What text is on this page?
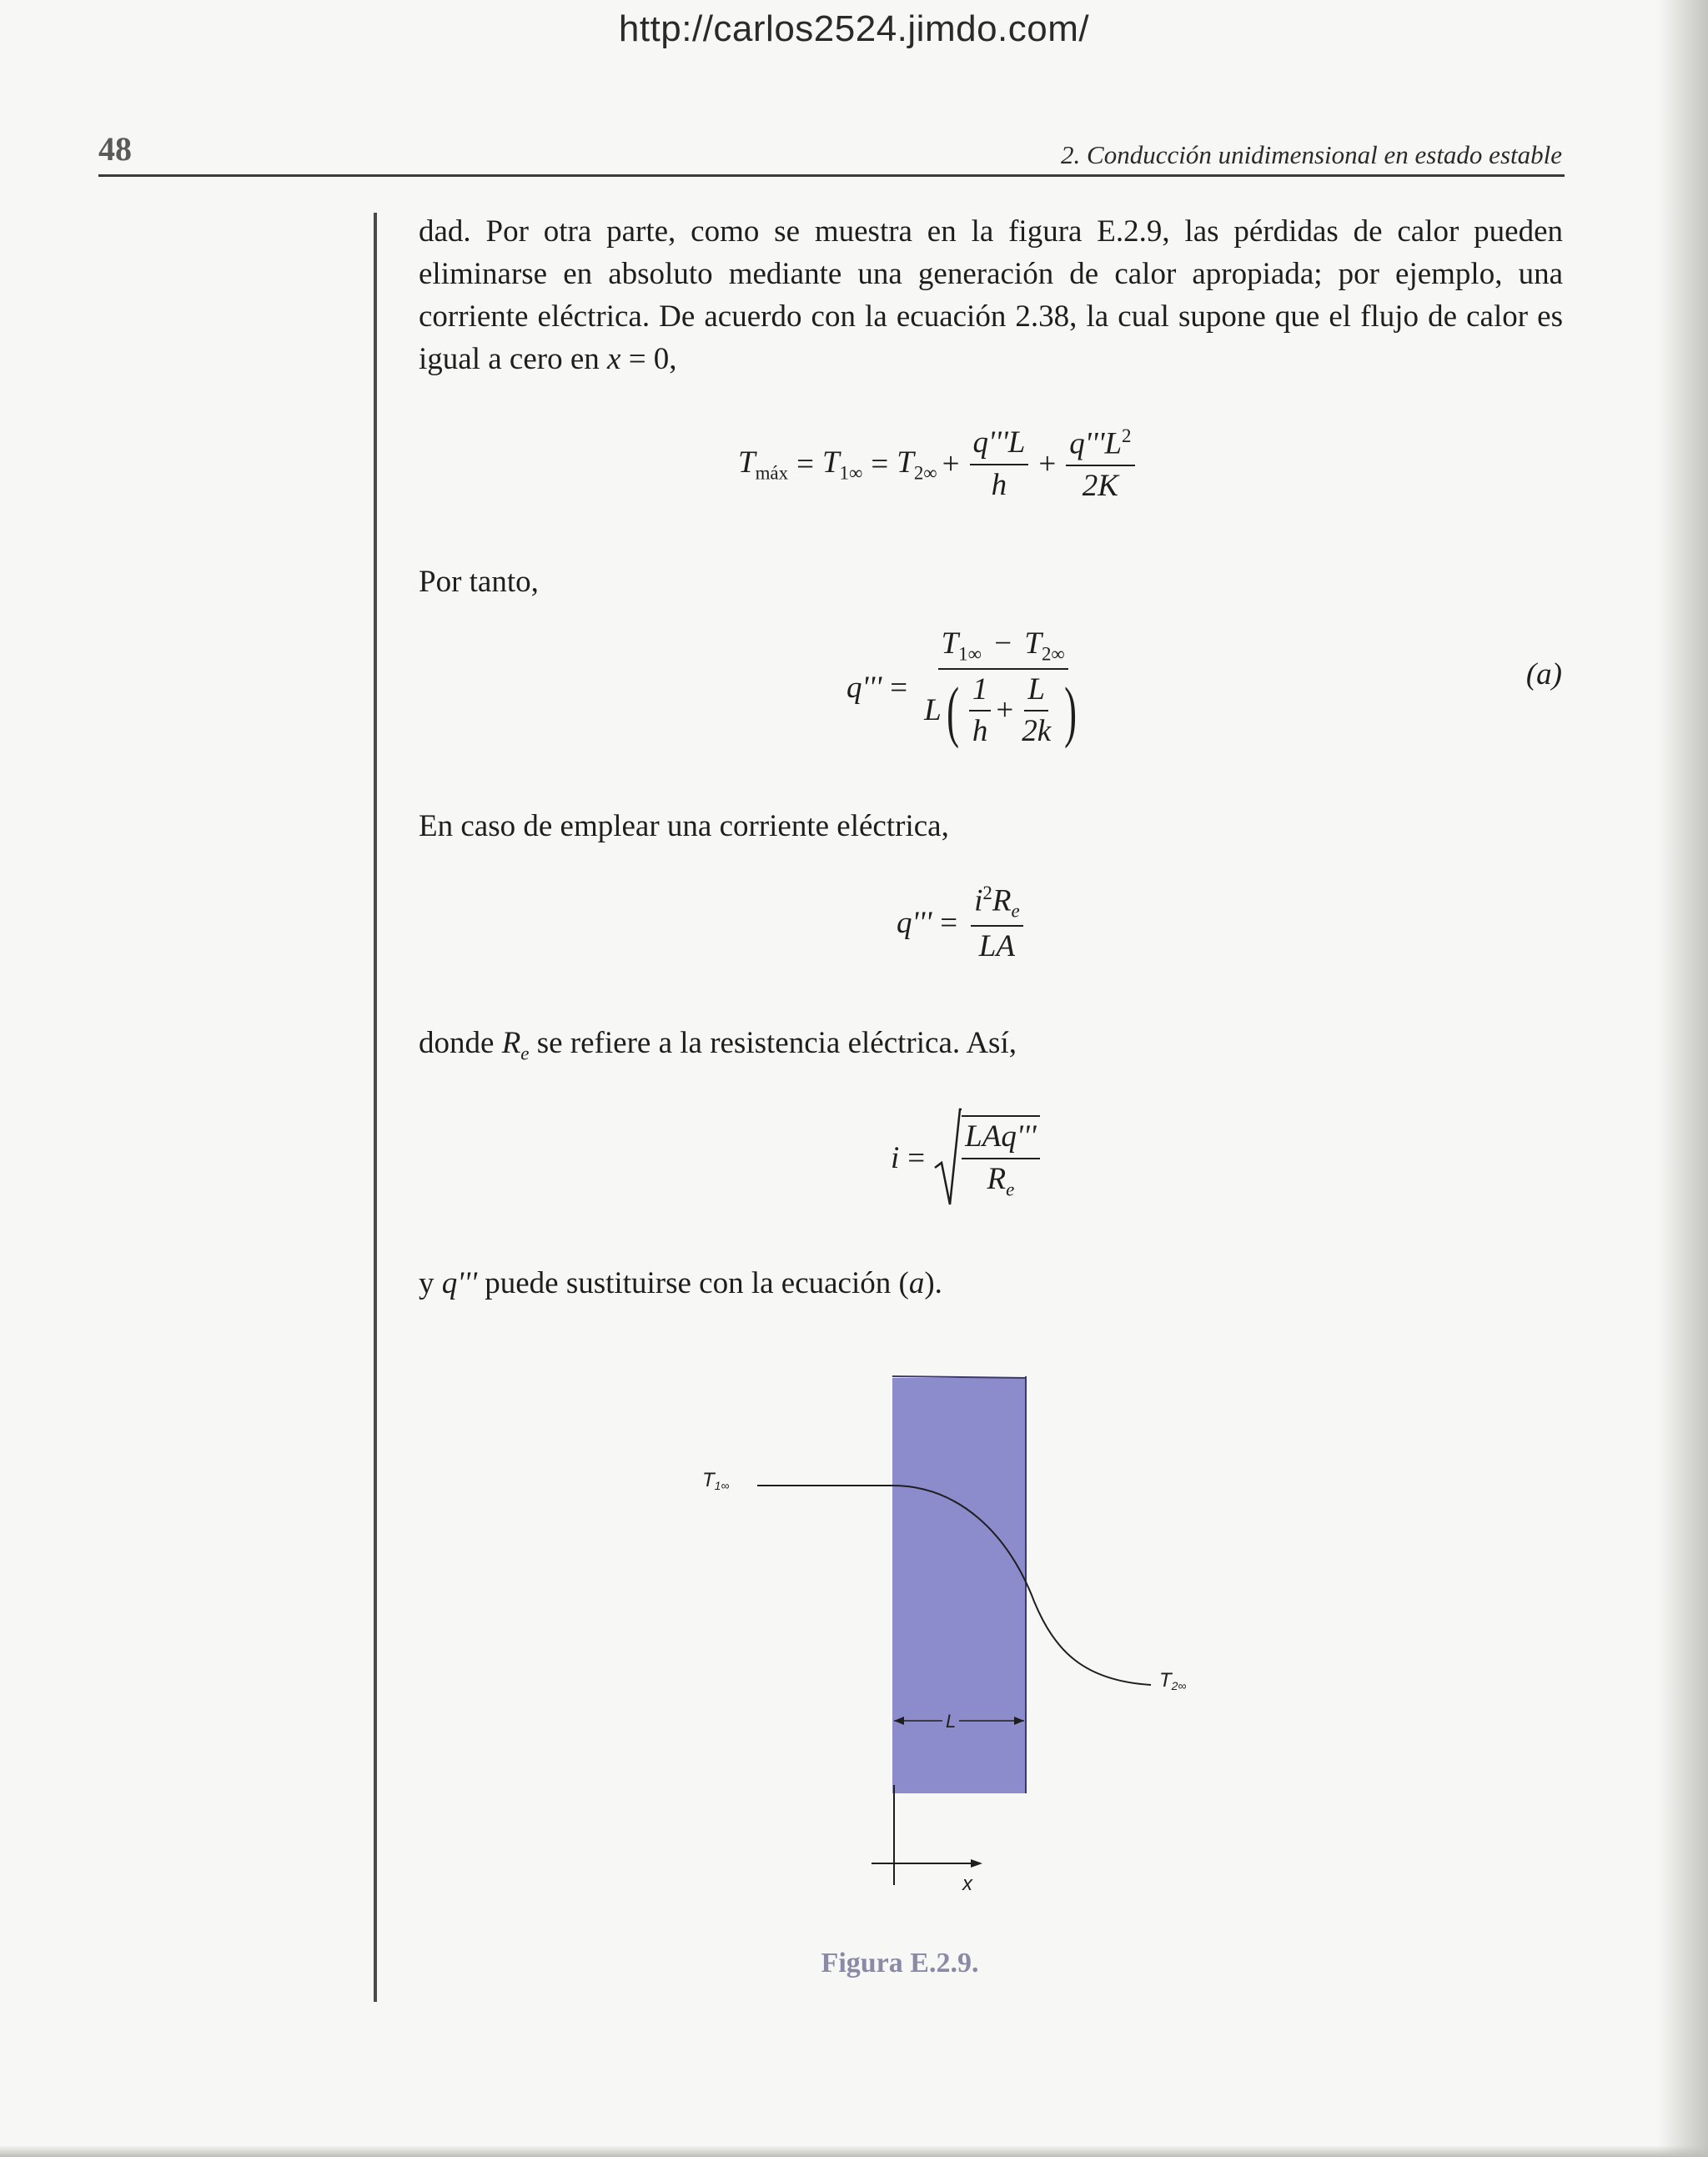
http://carlos2524.jimdo.com/
48	2. Conducción unidimensional en estado estable
dad. Por otra parte, como se muestra en la figura E.2.9, las pérdidas de calor pueden eliminarse en absoluto mediante una generación de calor apropiada; por ejemplo, una corriente eléctrica. De acuerdo con la ecuación 2.38, la cual supone que el flujo de calor es igual a cero en x = 0,
$T_{máx} = T_{1\infty} = T_{2\infty} + \frac{q'''L}{h} + \frac{q'''L^2}{2K}$
Por tanto,
q''' =
$T_{1\infty} - T_{2\infty}$
L ( $\frac{1}{h} + \frac{L}{2k}$ )	(a)
En caso de emplear una corriente eléctrica,
$q''' = \frac{i^2R_e}{LA}$
donde $R_e$ se refiere a la resistencia eléctrica. Así,
$i = \frac{\text{LAq'''}}{R_e}$
y q''' puede sustituirse con la ecuación (a).
T1∞
T2∞
L
x
Figura E.2.9.
